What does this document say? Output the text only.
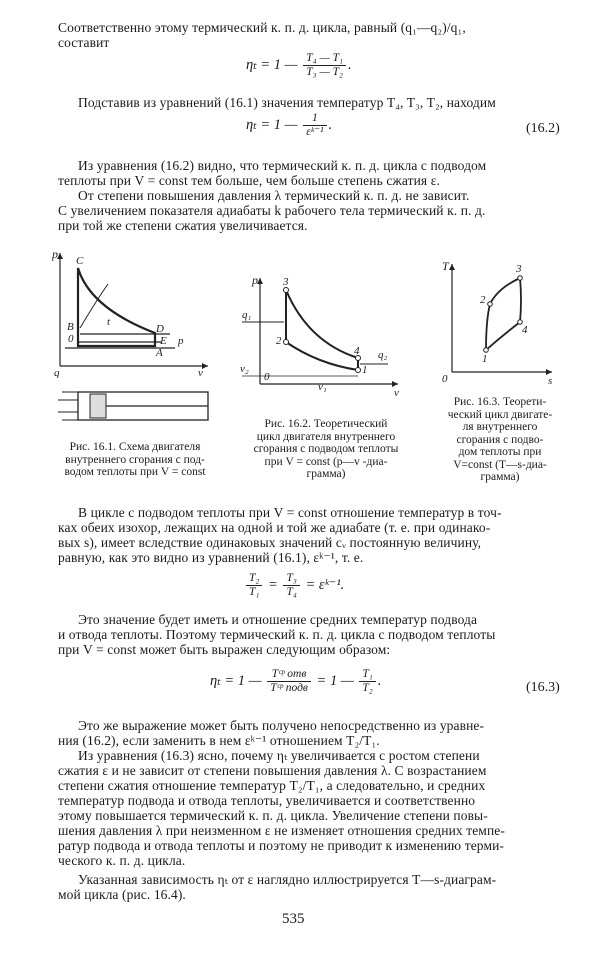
Соответственно этому термический к. п. д. цикла, равный (q₁—q₂)/q₁,
составит
ηₜ = 1 — $\frac{\text{T₄ — T₁}}{\text{T₃ — T₂}}$ .
Подставив из уравнений (16.1) значения температур T₄, T₃, T₂, находим
ηₜ = 1 — $\frac{1}{\text{εᵏ⁻¹}}$ .	(16.2)
Из уравнения (16.2) видно, что термический к. п. д. цикла с подводом
теплоты при V = const тем больше, чем больше степень сжатия ε.
От степени повышения давления λ термический к. п. д. не зависит.
С увеличением показателя адиабаты k рабочего тела термический к. п. д.
при той же степени сжатия увеличивается.
p C
B	D
E
A
0	p
t
q	v
Рис. 16.1. Схема двигателя
внутреннего сгорания с под-
водом теплоты при V = const
p 3
q₁
2
4 q₂
0
1
v₂
v₁	v
Рис. 16.2. Теоретический
цикл двигателя внутреннего
сгорания с подводом теплоты
при V = const (p—v -диа-
грамма)
T	3
2
4
1
0	s
Рис. 16.3. Теорети-
ческий цикл двигате-
ля внутреннего
сгорания с подво-
дом теплоты при
V=const (T—s-диа-
грамма)
В цикле с подводом теплоты при V = const отношение температур в точ-
ках обеих изохор, лежащих на одной и той же адиабате (т. е. при одинако-
вых s), имеет вследствие одинаковых значений cᵥ постоянную величину,
равную, как это видно из уравнений (16.1), εᵏ⁻¹, т. е.
$\frac{\text{T₂}}{\text{T₁}} = \frac{\text{T₃}}{\text{T₄}}$ = εᵏ⁻¹.
Это значение будет иметь и отношение средних температур подвода
и отвода теплоты. Поэтому термический к. п. д. цикла с подводом теплоты
при V = const может быть выражен следующим образом:
ηₜ = 1 — $\frac{\text{Tᶜᵖ отв}}{\text{Tᶜᵖ подв}} = 1$ — $\frac{\text{T₁}}{\text{T₂}}$ .	(16.3)
Это же выражение может быть получено непосредственно из уравне-
ния (16.2), если заменить в нем εᵏ⁻¹ отношением T₂/T₁.
Из уравнения (16.3) ясно, почему ηₜ увеличивается с ростом степени
сжатия ε и не зависит от степени повышения давления λ. С возрастанием
степени сжатия отношение температур T₂/T₁, а следовательно, и средних
температур подвода и отвода теплоты, увеличивается и соответственно
этому повышается термический к. п. д. цикла. Увеличение степени повы-
шения давления λ при неизменном ε не изменяет отношения средних темпе-
ратур подвода и отвода теплоты и поэтому не приводит к изменению терми-
ческого к. п. д. цикла.
Указанная зависимость ηₜ от ε наглядно иллюстрируется T—s-диаграм-
мой цикла (рис. 16.4).
535
